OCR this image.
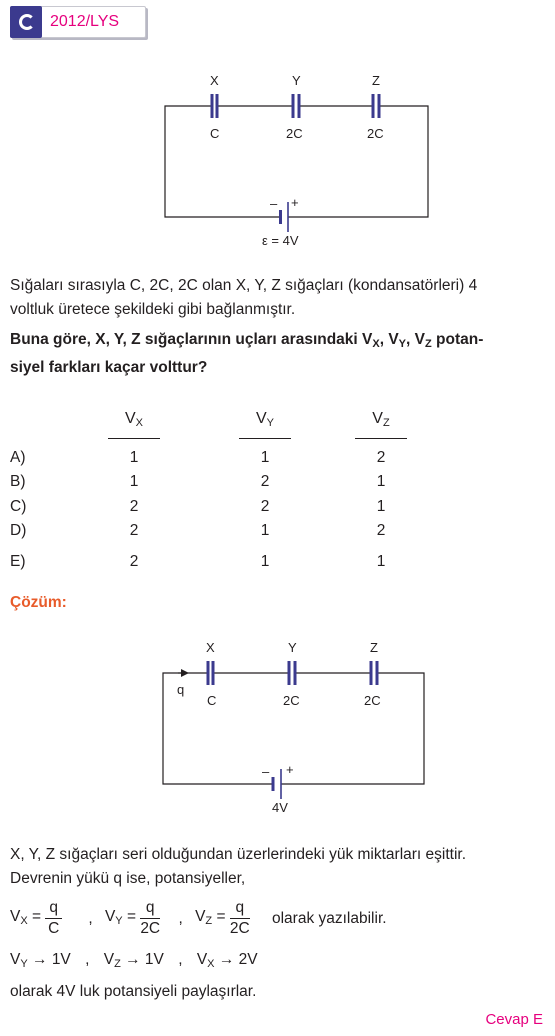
2012/LYS
X	Y	Z
C	2C	2C
– +
ε = 4V
Sığaları sırasıyla C, 2C, 2C olan X, Y, Z sığaçları (kondansatörleri) 4
voltluk üretece şekildeki gibi bağlanmıştır.
Buna göre, X, Y, Z sığaçlarının uçları arasındaki $V_X$, $V_Y$, $V_Z$ potan-
siyel farkları kaçar volttur?
$V_X$	$V_Y$	$V_Z$
A)	1	1	2
B)	1	2	1
C)	2	2	1
D)	2	1	2
E)	2	1	1
Çözüm:
X	Y	Z
q
C	2C	2C
– +
4V
X, Y, Z sığaçları seri olduğundan üzerlerindeki yük miktarları eşittir.
Devrenin yükü q ise, potansiyeller,
$V_X = \frac{q}{C}$ , $V_Y = \frac{q}{2C}$ , $V_Z = \frac{q}{2C}$ olarak yazılabilir.
$V_Y \to 1V$ , $V_Z \to 1V$ , $V_X \to 2V$
olarak 4V luk potansiyeli paylaşırlar.
Cevap E
